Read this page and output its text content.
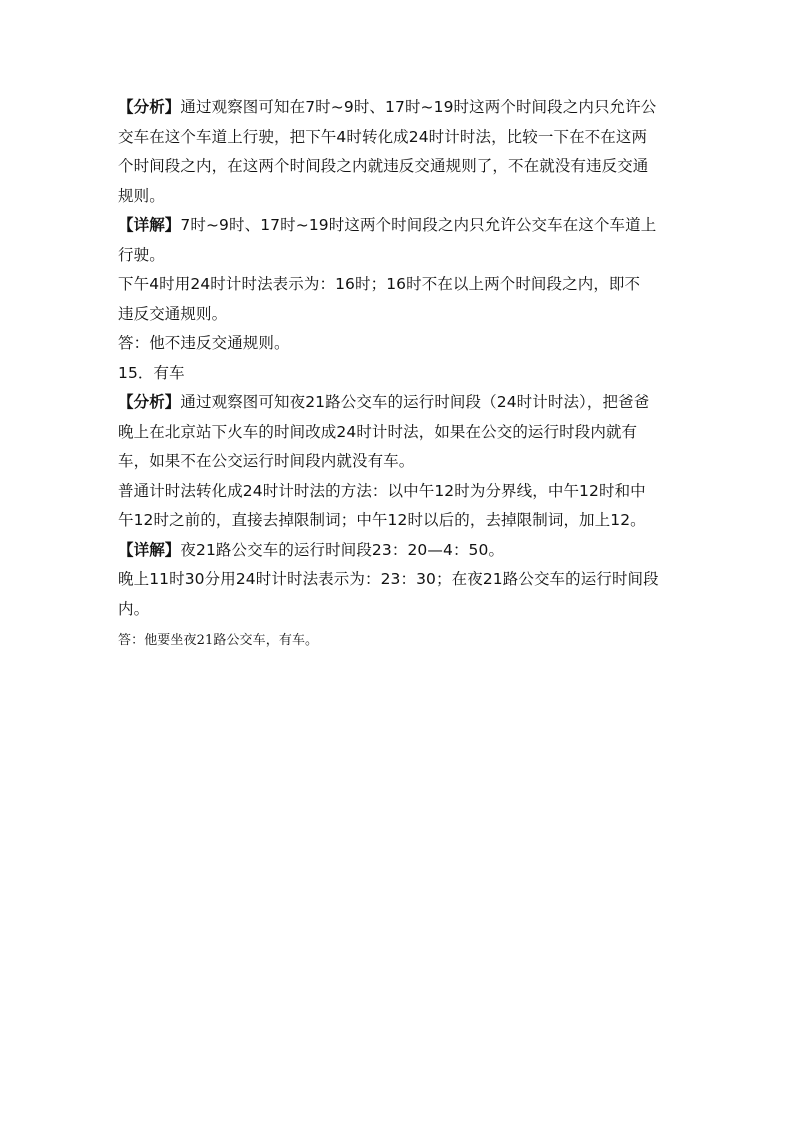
【分析】通过观察图可知在7时~9时、17时~19时这两个时间段之内只允许公
交车在这个车道上行驶，把下午4时转化成24时计时法，比较一下在不在这两
个时间段之内，在这两个时间段之内就违反交通规则了，不在就没有违反交通
规则。
【详解】7时~9时、17时~19时这两个时间段之内只允许公交车在这个车道上
行驶。
下午4时用24时计时法表示为：16时；16时不在以上两个时间段之内，即不
违反交通规则。
答：他不违反交通规则。
15．有车
【分析】通过观察图可知夜21路公交车的运行时间段（24时计时法），把爸爸
晚上在北京站下火车的时间改成24时计时法，如果在公交的运行时段内就有
车，如果不在公交运行时间段内就没有车。
普通计时法转化成24时计时法的方法：以中午12时为分界线，中午12时和中
午12时之前的，直接去掉限制词；中午12时以后的，去掉限制词，加上12。
【详解】夜21路公交车的运行时间段23：20—4：50。
晚上11时30分用24时计时法表示为：23：30；在夜21路公交车的运行时间段
内。
答：他要坐夜21路公交车，有车。
